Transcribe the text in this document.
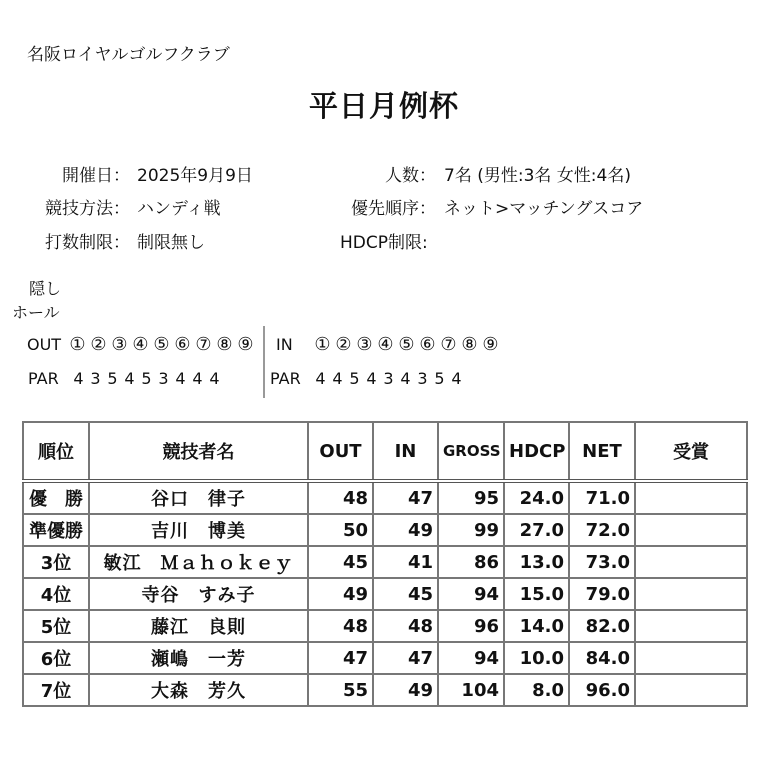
名阪ロイヤルゴルフクラブ
平日月例杯
開催日： 2025年9月9日	人数： 7名 (男性:3名 女性:4名)
競技方法： ハンディ戦	優先順序： ネット>マッチングスコア
打数制限： 制限無し	HDCP制限:
隠し
ホール
OUT ① ② ③ ④ ⑤ ⑥ ⑦ ⑧ ⑨ IN ① ② ③ ④ ⑤ ⑥ ⑦ ⑧ ⑨
PAR 4 3 5 4 5 3 4 4 4	PAR 4 4 5 4 3 4 3 5 4
順位	競技者名	OUT	IN	GROSS	HDCP	NET	受賞
優　勝	谷口　律子	48	47	95	24.0	71.0	
準優勝	吉川　博美	50	49	99	27.0	72.0	
3位	敏江　Ｍａｈｏｋｅｙ	45	41	86	13.0	73.0	
4位	寺谷　すみ子	49	45	94	15.0	79.0	
5位	藤江　良則	48	48	96	14.0	82.0	
6位	瀬嶋　一芳	47	47	94	10.0	84.0	
7位	大森　芳久	55	49	104	8.0	96.0	
